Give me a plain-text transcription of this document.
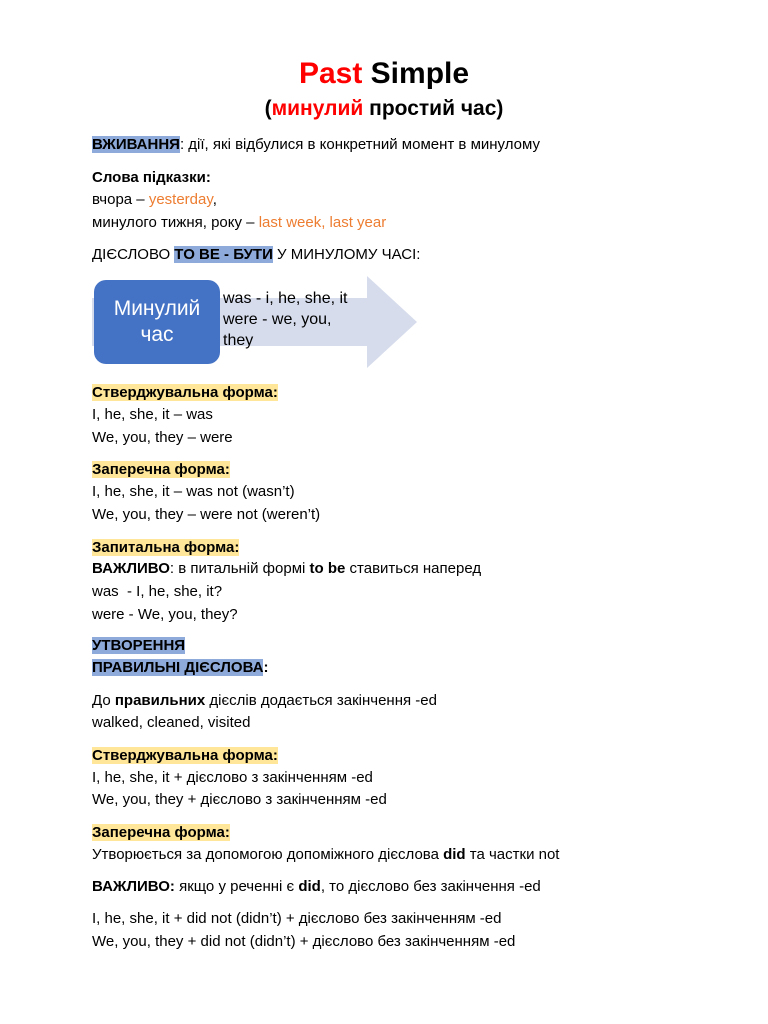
Past Simple
(минулий простий час)
ВЖИВАННЯ: дії, які відбулися в конкретний момент в минулому
Слова підказки:
вчора – yesterday,
минулого тижня, року – last week, last year
ДІЄСЛОВО TO BE - БУТИ У МИНУЛОМУ ЧАСІ:
Минулий
час
was - i, he, she, it
were - we, you,
they
Стверджувальна форма:
I, he, she, it – was
We, you, they – were
Заперечна форма:
I, he, she, it – was not (wasn’t)
We, you, they – were not (weren’t)
Запитальна форма:
ВАЖЛИВО: в питальній формі to be ставиться наперед
was  - I, he, she, it?
were - We, you, they?
УТВОРЕННЯ
ПРАВИЛЬНІ ДІЄСЛОВА:
До правильних дієслів додається закінчення -ed
walked, cleaned, visited
Стверджувальна форма:
I, he, she, it + дієслово з закінченням -ed
We, you, they + дієслово з закінченням -ed
Заперечна форма:
Утворюється за допомогою допоміжного дієслова did та частки not
ВАЖЛИВО: якщо у реченні є did, то дієслово без закінчення -ed
I, he, she, it + did not (didn’t) + дієслово без закінченням -ed
We, you, they + did not (didn’t) + дієслово без закінченням -ed
